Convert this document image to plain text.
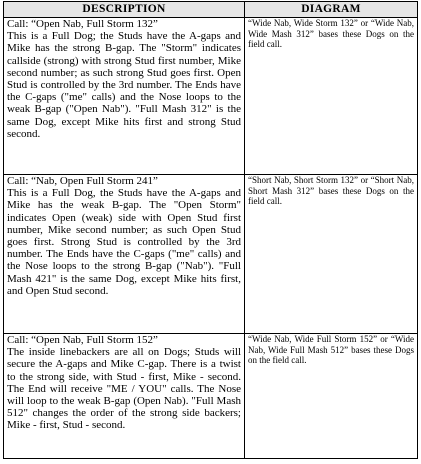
DESCRIPTION	DIAGRAM

Call: “Open Nab, Full Storm 132”
This is a Full Dog; the Studs have the A-gaps and Mike has the strong B-gap. The "Storm" indicates callside (strong) with strong Stud first number, Mike second number; as such strong Stud goes first. Open Stud is controlled by the 3rd number. The Ends have the C-gaps ("me" calls) and the Nose loops to the weak B-gap ("Open Nab"). "Full Mash 312" is the same Dog, except Mike hits first and strong Stud second.	“Wide Nab, Wide Storm 132” or “Wide Nab, Wide Mash 312” bases these Dogs on the field call.

Call: “Nab, Open Full Storm 241”
This is a Full Dog, the Studs have the A-gaps and Mike has the weak B-gap. The "Open Storm" indicates Open (weak) side with Open Stud first number, Mike second number; as such Open Stud goes first. Strong Stud is controlled by the 3rd number. The Ends have the C-gaps ("me" calls) and the Nose loops to the strong B-gap ("Nab"). "Full Mash 421" is the same Dog, except Mike hits first, and Open Stud second.	“Short Nab, Short Storm 132” or “Short Nab, Short Mash 312” bases these Dogs on the field call.

Call: “Open Nab, Full Storm 152”
The inside linebackers are all on Dogs; Studs will secure the A-gaps and Mike C-gap. There is a twist to the strong side, with Stud - first, Mike - second. The End will receive "ME / YOU" calls. The Nose will loop to the weak B-gap (Open Nab). "Full Mash 512" changes the order of the strong side backers; Mike - first, Stud - second.	“Wide Nab, Wide Full Storm 152” or “Wide Nab, Wide Full Mash 512” bases these Dogs on the field call.
